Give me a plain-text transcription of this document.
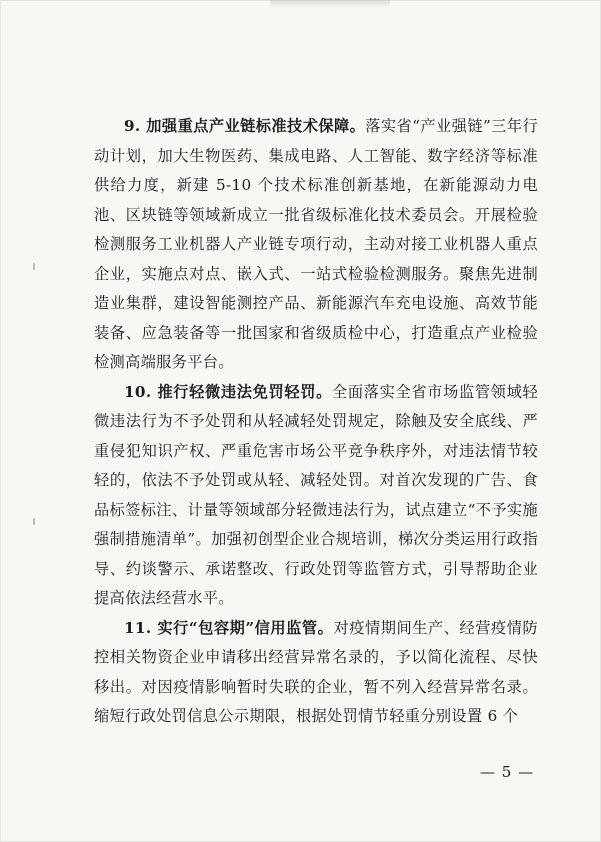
9. 加强重点产业链标准技术保障。落实省“产业强链”三年行动计划，加大生物医药、集成电路、人工智能、数字经济等标准供给力度，新建 5-10 个技术标准创新基地，在新能源动力电池、区块链等领域新成立一批省级标准化技术委员会。开展检验检测服务工业机器人产业链专项行动，主动对接工业机器人重点企业，实施点对点、嵌入式、一站式检验检测服务。聚焦先进制造业集群，建设智能测控产品、新能源汽车充电设施、高效节能装备、应急装备等一批国家和省级质检中心，打造重点产业检验检测高端服务平台。

10. 推行轻微违法免罚轻罚。全面落实全省市场监管领域轻微违法行为不予处罚和从轻减轻处罚规定，除触及安全底线、严重侵犯知识产权、严重危害市场公平竞争秩序外，对违法情节较轻的，依法不予处罚或从轻、减轻处罚。对首次发现的广告、食品标签标注、计量等领域部分轻微违法行为，试点建立“不予实施强制措施清单”。加强初创型企业合规培训，梯次分类运用行政指导、约谈警示、承诺整改、行政处罚等监管方式，引导帮助企业提高依法经营水平。

11. 实行“包容期”信用监管。对疫情期间生产、经营疫情防控相关物资企业申请移出经营异常名录的，予以简化流程、尽快移出。对因疫情影响暂时失联的企业，暂不列入经营异常名录。缩短行政处罚信息公示期限，根据处罚情节轻重分别设置 6 个

— 5 —
